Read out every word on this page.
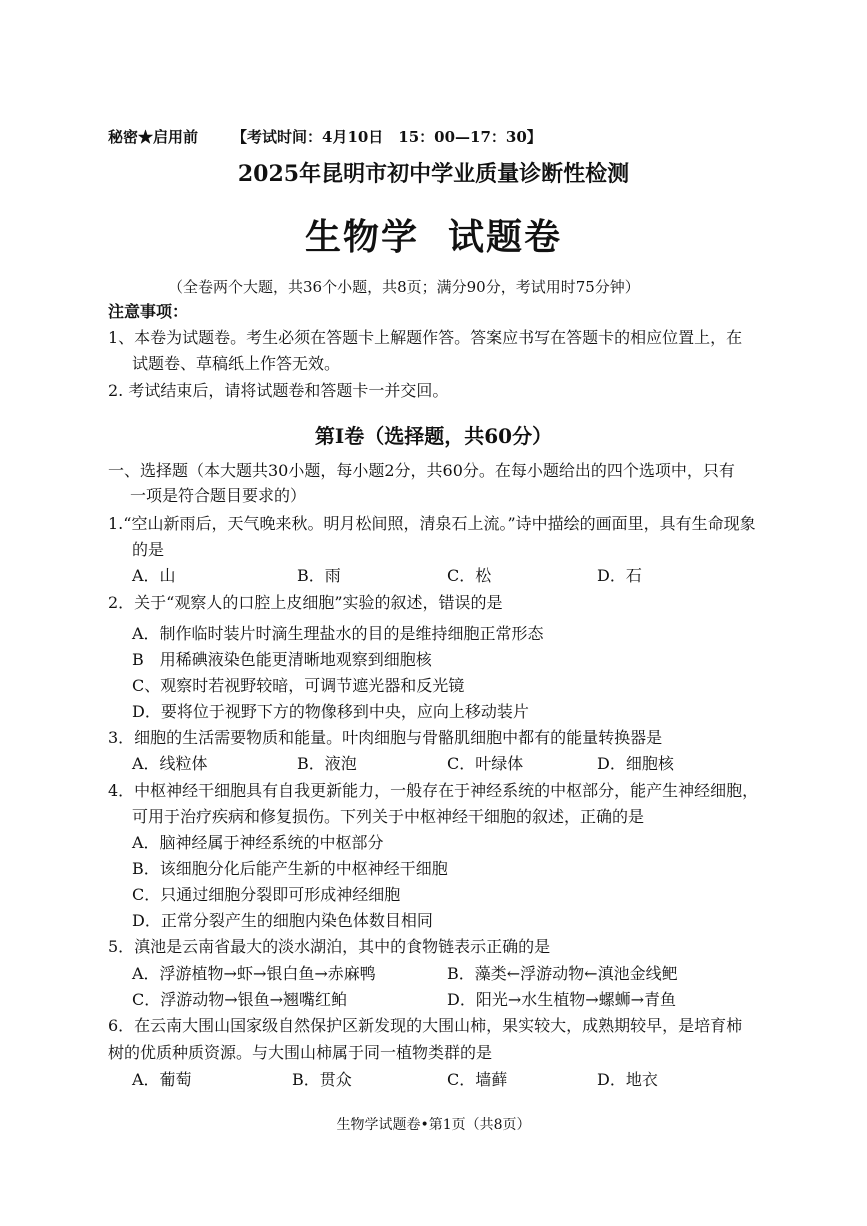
秘密★启用前 【考试时间：4月10日　15：00—17：30】
2025年昆明市初中学业质量诊断性检测
生物学  试题卷
（全卷两个大题，共36个小题，共8页；满分90分，考试用时75分钟）
注意事项：
1、本卷为试题卷。考生必须在答题卡上解题作答。答案应书写在答题卡的相应位置上，在
试题卷、草稿纸上作答无效。
2. 考试结束后，请将试题卷和答题卡一并交回。
第Ⅰ卷（选择题，共60分）
一、选择题（本大题共30小题，每小题2分，共60分。在每小题给出的四个选项中，只有
一项是符合题目要求的）
1.“空山新雨后，天气晚来秋。明月松间照，清泉石上流。”诗中描绘的画面里，具有生命现象
的是
A．山	B．雨	C．松	D．石
2．关于“观察人的口腔上皮细胞”实验的叙述，错误的是
A．制作临时装片时滴生理盐水的目的是维持细胞正常形态
B　用稀碘液染色能更清晰地观察到细胞核
C、观察时若视野较暗，可调节遮光器和反光镜
D．要将位于视野下方的物像移到中央，应向上移动装片
3．细胞的生活需要物质和能量。叶肉细胞与骨骼肌细胞中都有的能量转换器是
A．线粒体	B．液泡	C．叶绿体	D．细胞核
4．中枢神经干细胞具有自我更新能力，一般存在于神经系统的中枢部分，能产生神经细胞，
可用于治疗疾病和修复损伤。下列关于中枢神经干细胞的叙述，正确的是
A．脑神经属于神经系统的中枢部分
B．该细胞分化后能产生新的中枢神经干细胞
C．只通过细胞分裂即可形成神经细胞
D．正常分裂产生的细胞内染色体数目相同
5．滇池是云南省最大的淡水湖泊，其中的食物链表示正确的是
A．浮游植物→虾→银白鱼→赤麻鸭	B．藻类←浮游动物←滇池金线鲃
C．浮游动物→银鱼→翘嘴红鲌	D．阳光→水生植物→螺蛳→青鱼
6．在云南大围山国家级自然保护区新发现的大围山柿，果实较大，成熟期较早，是培育柿
树的优质种质资源。与大围山柿属于同一植物类群的是
A．葡萄	B．贯众	C．墙藓	D．地衣
生物学试题卷•第1页（共8页）
